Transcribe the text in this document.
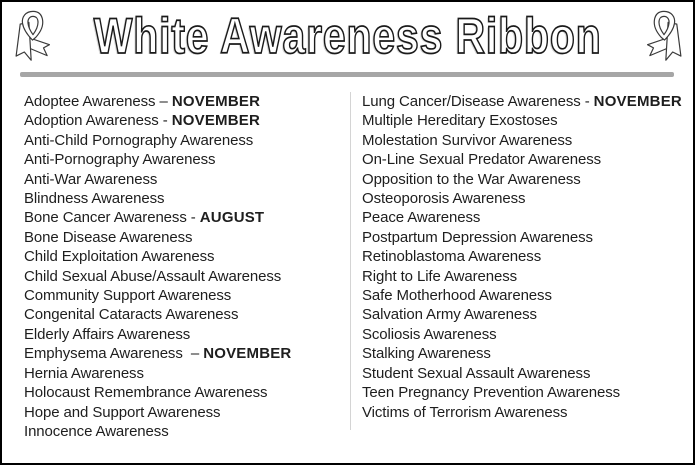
White Awareness Ribbon
Adoptee Awareness – NOVEMBER
Adoption Awareness - NOVEMBER
Anti-Child Pornography Awareness
Anti-Pornography Awareness
Anti-War Awareness
Blindness Awareness
Bone Cancer Awareness - AUGUST
Bone Disease Awareness
Child Exploitation Awareness
Child Sexual Abuse/Assault Awareness
Community Support Awareness
Congenital Cataracts Awareness
Elderly Affairs Awareness
Emphysema Awareness  – NOVEMBER
Hernia Awareness
Holocaust Remembrance Awareness
Hope and Support Awareness
Innocence Awareness
Lung Cancer/Disease Awareness - NOVEMBER
Multiple Hereditary Exostoses
Molestation Survivor Awareness
On-Line Sexual Predator Awareness
Opposition to the War Awareness
Osteoporosis Awareness
Peace Awareness
Postpartum Depression Awareness
Retinoblastoma Awareness
Right to Life Awareness
Safe Motherhood Awareness
Salvation Army Awareness
Scoliosis Awareness
Stalking Awareness
Student Sexual Assault Awareness
Teen Pregnancy Prevention Awareness
Victims of Terrorism Awareness
